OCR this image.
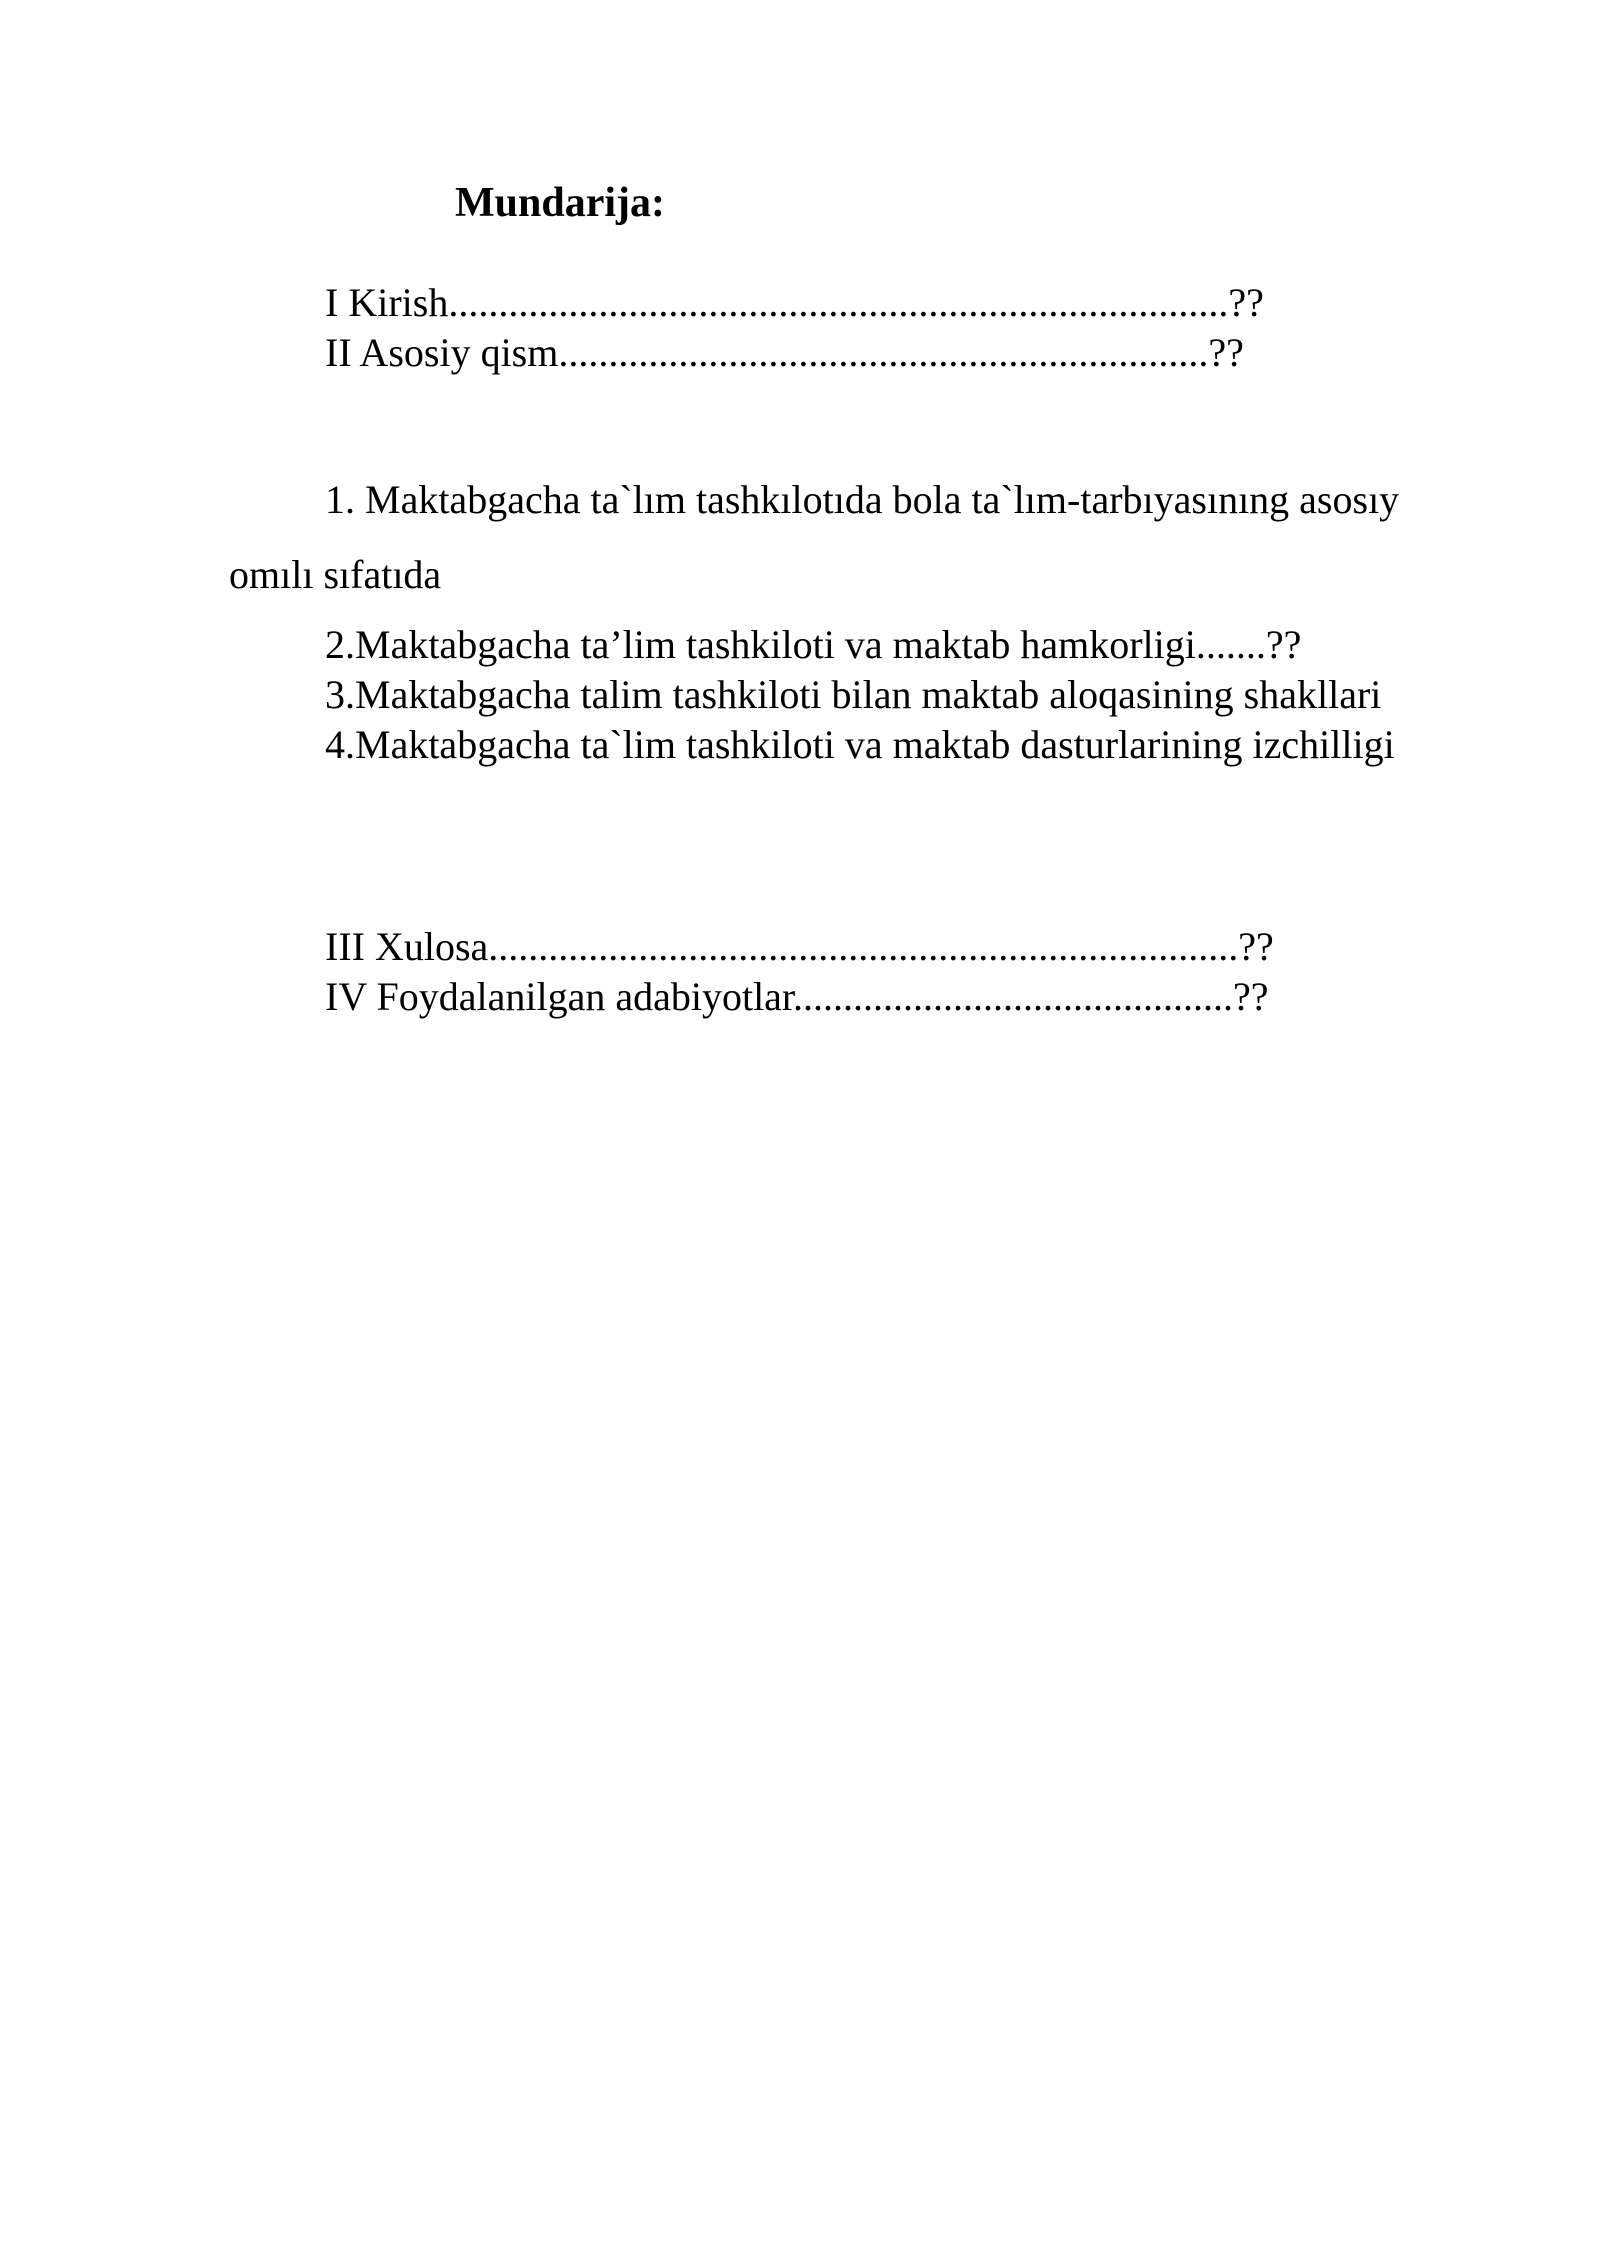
Mundarija:
I Kirish..............................................................................??
II Asosiy qism.................................................................??
1. Maktabgacha ta`lım tashkılotıda bola ta`lım-tarbıyasınıng asosıy
omılı sıfatıda
2.Maktabgacha ta’lim tashkiloti va maktab hamkorligi.......??
3.Maktabgacha talim tashkiloti bilan maktab aloqasining shakllari
4.Maktabgacha ta`lim tashkiloti va maktab dasturlarining izchilligi
III Xulosa...........................................................................??
IV Foydalanilgan adabiyotlar............................................??
